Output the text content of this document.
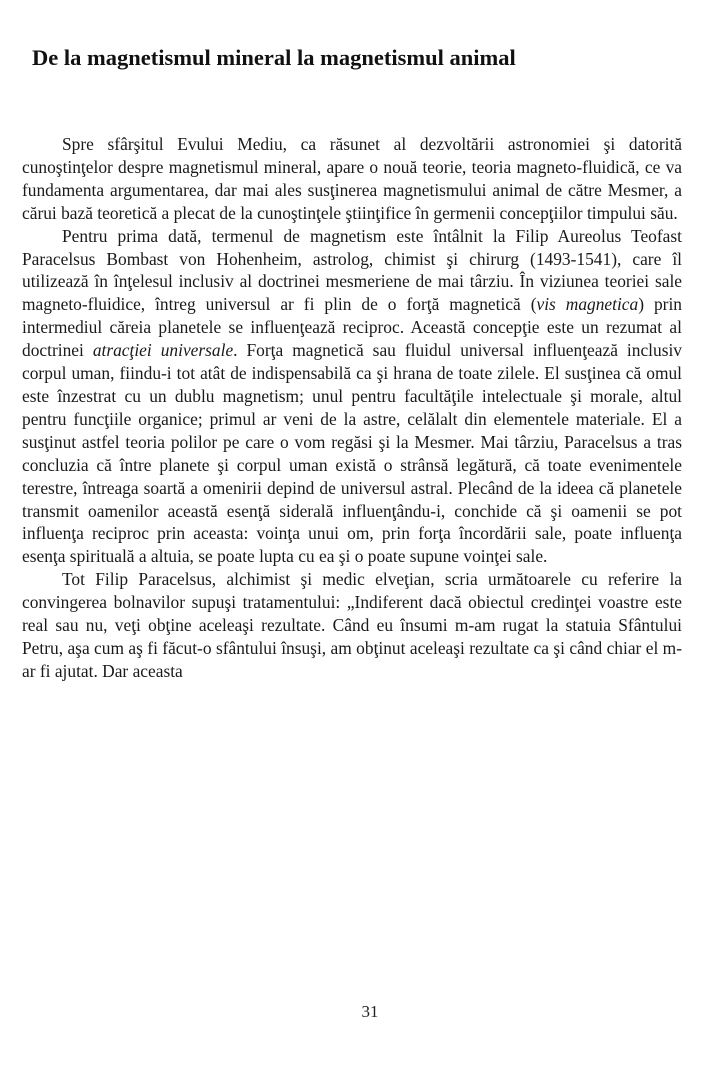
De la magnetismul mineral la magnetismul animal

Spre sfârşitul Evului Mediu, ca răsunet al dezvoltării astronomiei şi datorită cunoştinţelor despre magnetismul mineral, apare o nouă teorie, teoria magneto-fluidică, ce va fundamenta argumentarea, dar mai ales susţinerea magnetismului animal de către Mesmer, a cărui bază teoretică a plecat de la cunoştinţele ştiinţifice în germenii concepţiilor timpului său.

Pentru prima dată, termenul de magnetism este întâlnit la Filip Aureolus Teofast Paracelsus Bombast von Hohenheim, astrolog, chimist şi chirurg (1493-1541), care îl utilizează în înţelesul inclusiv al doctrinei mesmeriene de mai târziu. În viziunea teoriei sale magneto-fluidice, întreg universul ar fi plin de o forţă magnetică (vis magnetica) prin intermediul căreia planetele se influenţează reciproc. Această concepţie este un rezumat al doctrinei atracţiei universale. Forţa magnetică sau fluidul universal influenţează inclusiv corpul uman, fiindu-i tot atât de indispensabilă ca şi hrana de toate zilele. El susţinea că omul este înzestrat cu un dublu magnetism; unul pentru facultăţile intelectuale şi morale, altul pentru funcţiile organice; primul ar veni de la astre, celălalt din elementele materiale. El a susţinut astfel teoria polilor pe care o vom regăsi şi la Mesmer. Mai târziu, Paracelsus a tras concluzia că între planete şi corpul uman există o strânsă legătură, că toate evenimentele terestre, întreaga soartă a omenirii depind de universul astral. Plecând de la ideea că planetele transmit oamenilor această esenţă siderală influenţându-i, conchide că şi oamenii se pot influenţa reciproc prin aceasta: voinţa unui om, prin forţa încordării sale, poate influenţa esenţa spirituală a altuia, se poate lupta cu ea şi o poate supune voinţei sale.

Tot Filip Paracelsus, alchimist şi medic elveţian, scria următoarele cu referire la convingerea bolnavilor supuşi tratamentului: „Indiferent dacă obiectul credinţei voastre este real sau nu, veţi obţine aceleaşi rezultate. Când eu însumi m-am rugat la statuia Sfântului Petru, aşa cum aş fi făcut-o sfântului însuşi, am obţinut aceleaşi rezultate ca şi când chiar el m-ar fi ajutat. Dar aceasta

31
